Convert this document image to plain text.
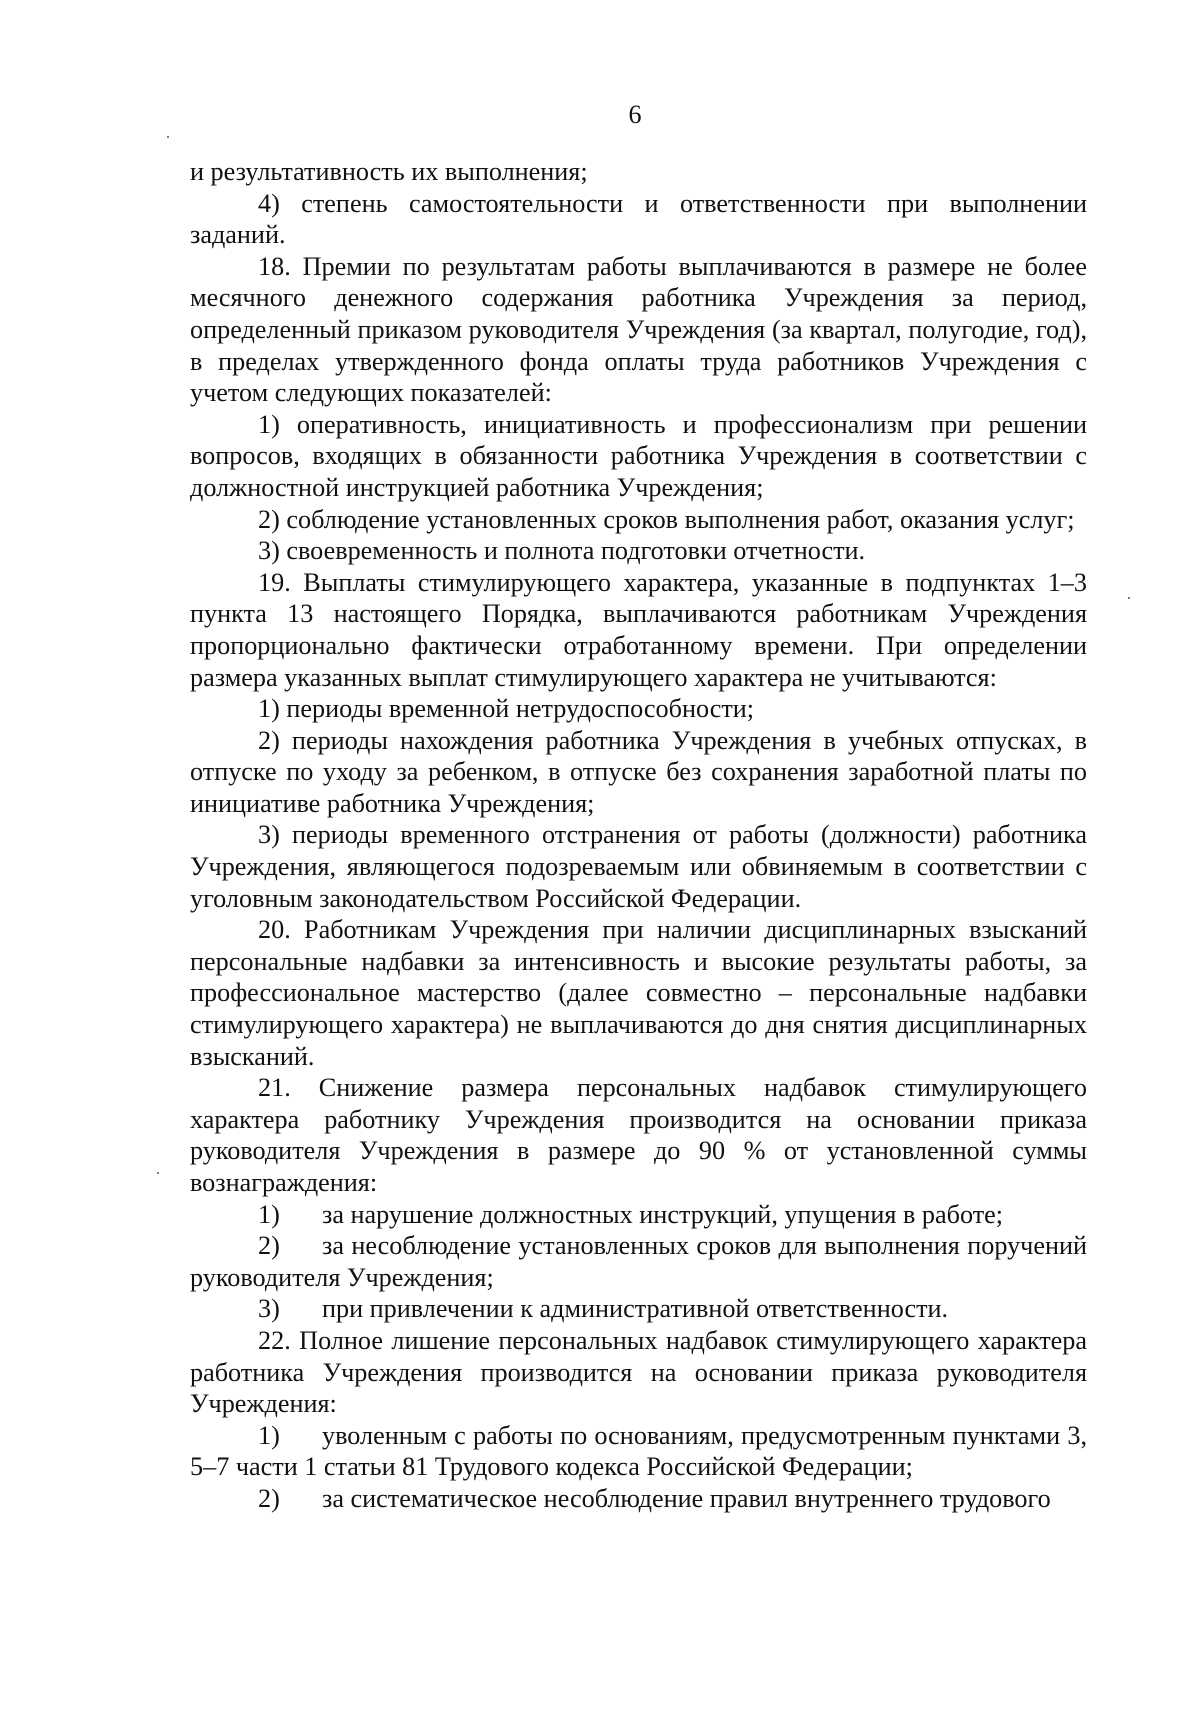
6

и результативность их выполнения;

4) степень самостоятельности и ответственности при выполнении заданий.

18. Премии по результатам работы выплачиваются в размере не более месячного денежного содержания работника Учреждения за период, определенный приказом руководителя Учреждения (за квартал, полугодие, год), в пределах утвержденного фонда оплаты труда работников Учреждения с учетом следующих показателей:

1) оперативность, инициативность и профессионализм при решении вопросов, входящих в обязанности работника Учреждения в соответствии с должностной инструкцией работника Учреждения;

2) соблюдение установленных сроков выполнения работ, оказания услуг;

3) своевременность и полнота подготовки отчетности.

19. Выплаты стимулирующего характера, указанные в подпунктах 1–3 пункта 13 настоящего Порядка, выплачиваются работникам Учреждения пропорционально фактически отработанному времени. При определении размера указанных выплат стимулирующего характера не учитываются:

1) периоды временной нетрудоспособности;

2) периоды нахождения работника Учреждения в учебных отпусках, в отпуске по уходу за ребенком, в отпуске без сохранения заработной платы по инициативе работника Учреждения;

3) периоды временного отстранения от работы (должности) работника Учреждения, являющегося подозреваемым или обвиняемым в соответствии с уголовным законодательством Российской Федерации.

20. Работникам Учреждения при наличии дисциплинарных взысканий персональные надбавки за интенсивность и высокие результаты работы, за профессиональное мастерство (далее совместно – персональные надбавки стимулирующего характера) не выплачиваются до дня снятия дисциплинарных взысканий.

21. Снижение размера персональных надбавок стимулирующего характера работнику Учреждения производится на основании приказа руководителя Учреждения в размере до 90 % от установленной суммы вознаграждения:

1) за нарушение должностных инструкций, упущения в работе;

2) за несоблюдение установленных сроков для выполнения поручений руководителя Учреждения;

3) при привлечении к административной ответственности.

22. Полное лишение персональных надбавок стимулирующего характера работника Учреждения производится на основании приказа руководителя Учреждения:

1) уволенным с работы по основаниям, предусмотренным пунктами 3, 5–7 части 1 статьи 81 Трудового кодекса Российской Федерации;

2) за систематическое несоблюдение правил внутреннего трудового
